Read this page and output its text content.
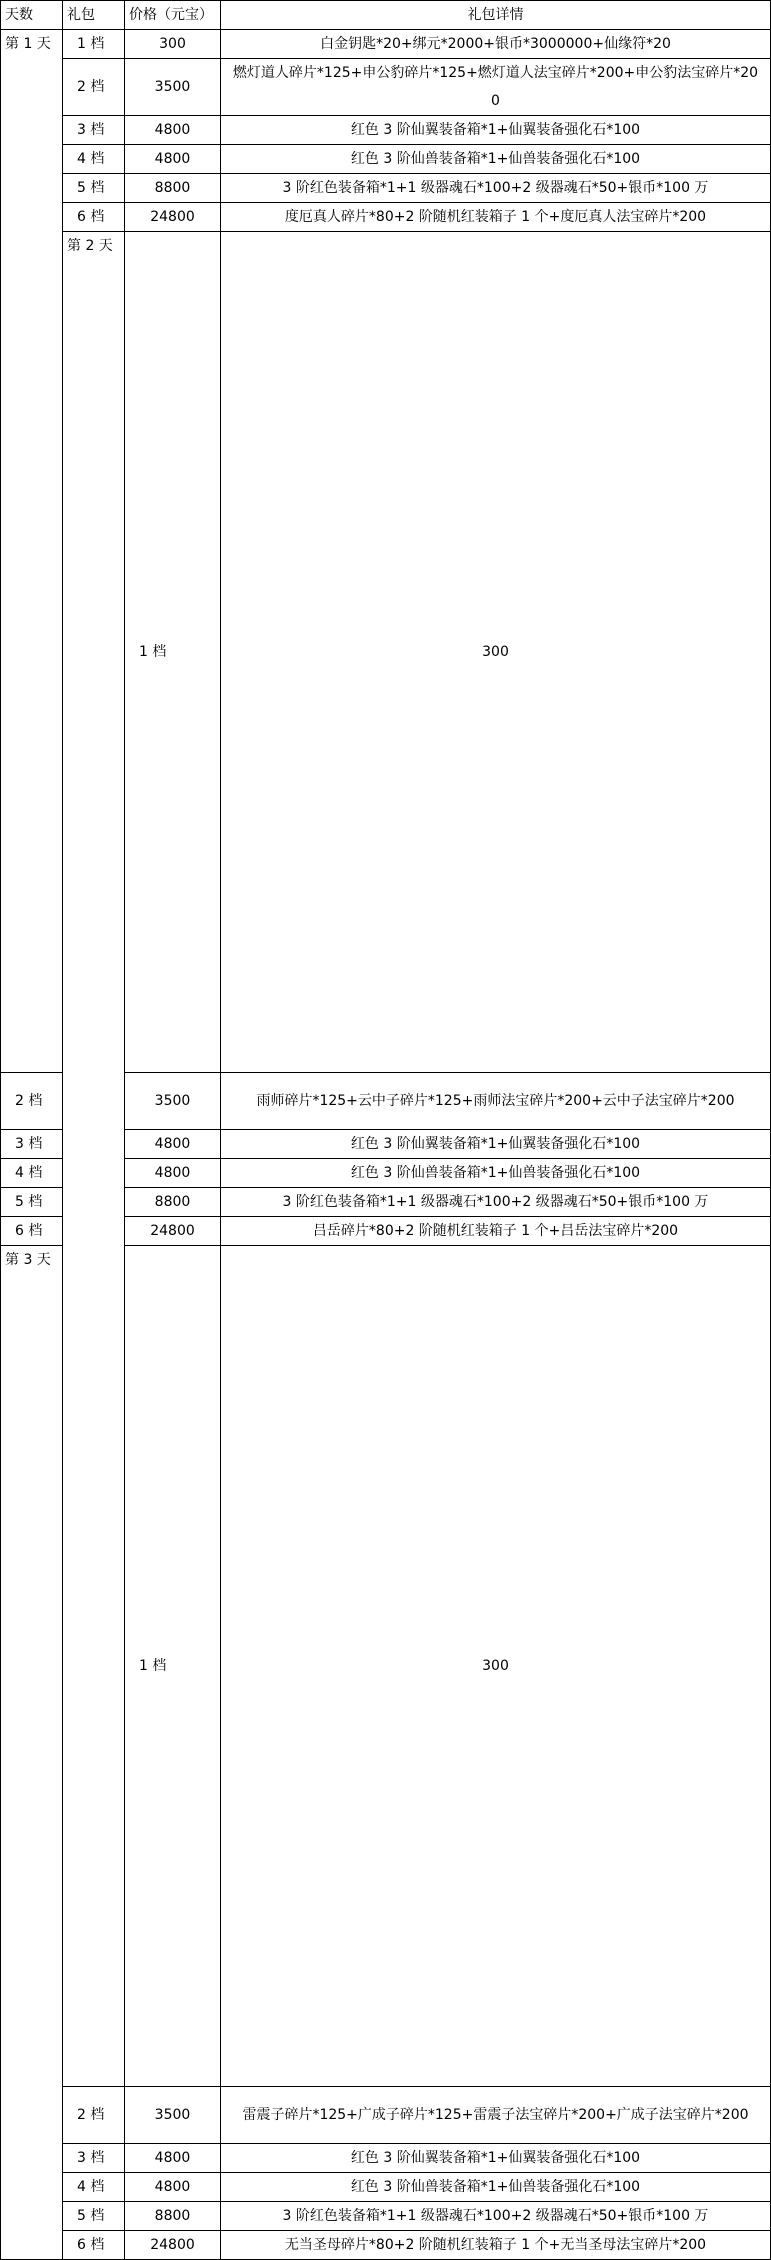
天数	礼包	价格（元宝）	礼包详情	
第 1 天	1 档	300	白金钥匙*20+绑元*2000+银币*3000000+仙缘符*20	
	2 档	3500	燃灯道人碎片*125+申公豹碎片*125+燃灯道人法宝碎片*200+申公豹法宝碎片*200	
	3 档	4800	红色 3 阶仙翼装备箱*1+仙翼装备强化石*100	
	4 档	4800	红色 3 阶仙兽装备箱*1+仙兽装备强化石*100	
	5 档	8800	3 阶红色装备箱*1+1 级器魂石*100+2 级器魂石*50+银币*100 万	
	6 档	24800	度厄真人碎片*80+2 阶随机红装箱子 1 个+度厄真人法宝碎片*200	
	第 2 天	1 档	300	
2 档		3500	雨师碎片*125+云中子碎片*125+雨师法宝碎片*200+云中子法宝碎片*200	
3 档		4800	红色 3 阶仙翼装备箱*1+仙翼装备强化石*100	
4 档		4800	红色 3 阶仙兽装备箱*1+仙兽装备强化石*100	
5 档		8800	3 阶红色装备箱*1+1 级器魂石*100+2 级器魂石*50+银币*100 万	
6 档		24800	吕岳碎片*80+2 阶随机红装箱子 1 个+吕岳法宝碎片*200	
第 3 天		1 档	300	
	2 档	3500	雷震子碎片*125+广成子碎片*125+雷震子法宝碎片*200+广成子法宝碎片*200	
	3 档	4800	红色 3 阶仙翼装备箱*1+仙翼装备强化石*100	
	4 档	4800	红色 3 阶仙兽装备箱*1+仙兽装备强化石*100	
	5 档	8800	3 阶红色装备箱*1+1 级器魂石*100+2 级器魂石*50+银币*100 万	
	6 档	24800	无当圣母碎片*80+2 阶随机红装箱子 1 个+无当圣母法宝碎片*200	
